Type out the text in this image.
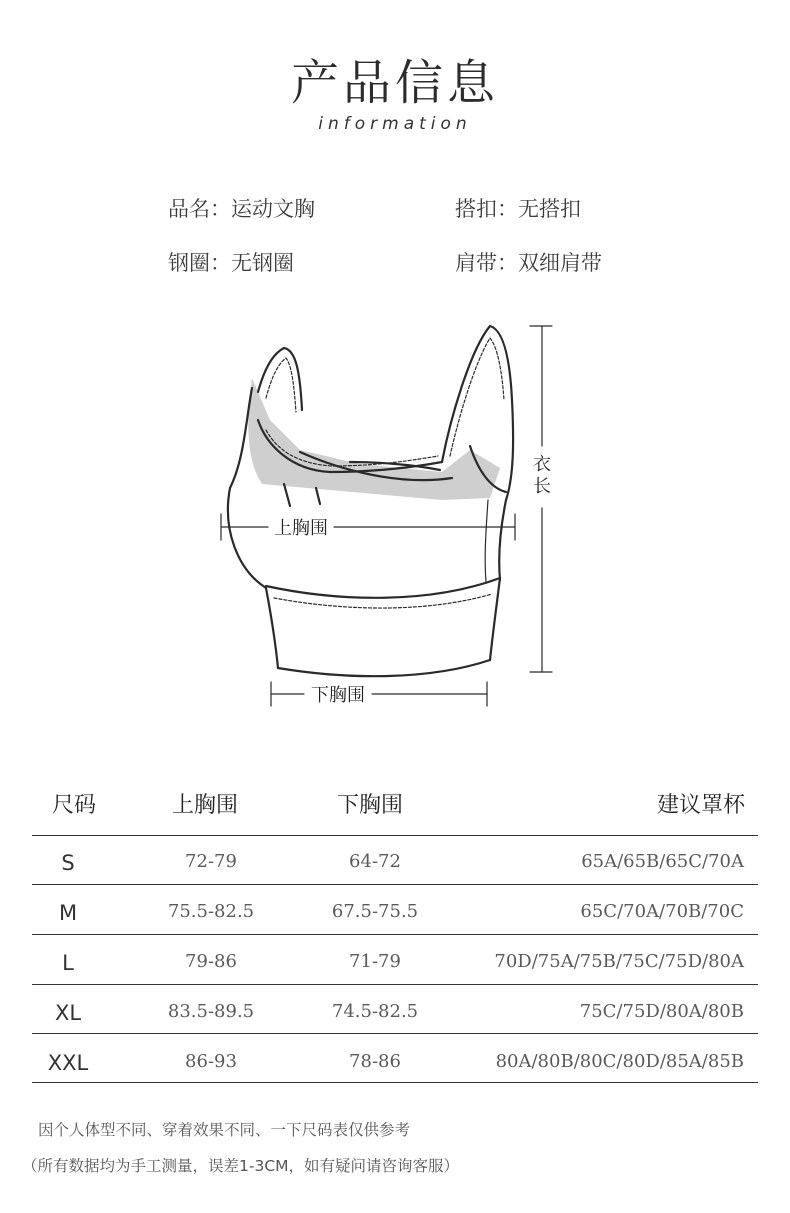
产品信息
information
品名：运动文胸	搭扣：无搭扣
钢圈：无钢圈	肩带：双细肩带
衣长
上胸围
下胸围
尺码	上胸围	下胸围	建议罩杯
S	72-79	64-72	65A/65B/65C/70A
M	75.5-82.5	67.5-75.5	65C/70A/70B/70C
L	79-86	71-79	70D/75A/75B/75C/75D/80A
XL	83.5-89.5	74.5-82.5	75C/75D/80A/80B
XXL	86-93	78-86	80A/80B/80C/80D/85A/85B
因个人体型不同、穿着效果不同、一下尺码表仅供参考
（所有数据均为手工测量，误差1-3CM，如有疑问请咨询客服）
